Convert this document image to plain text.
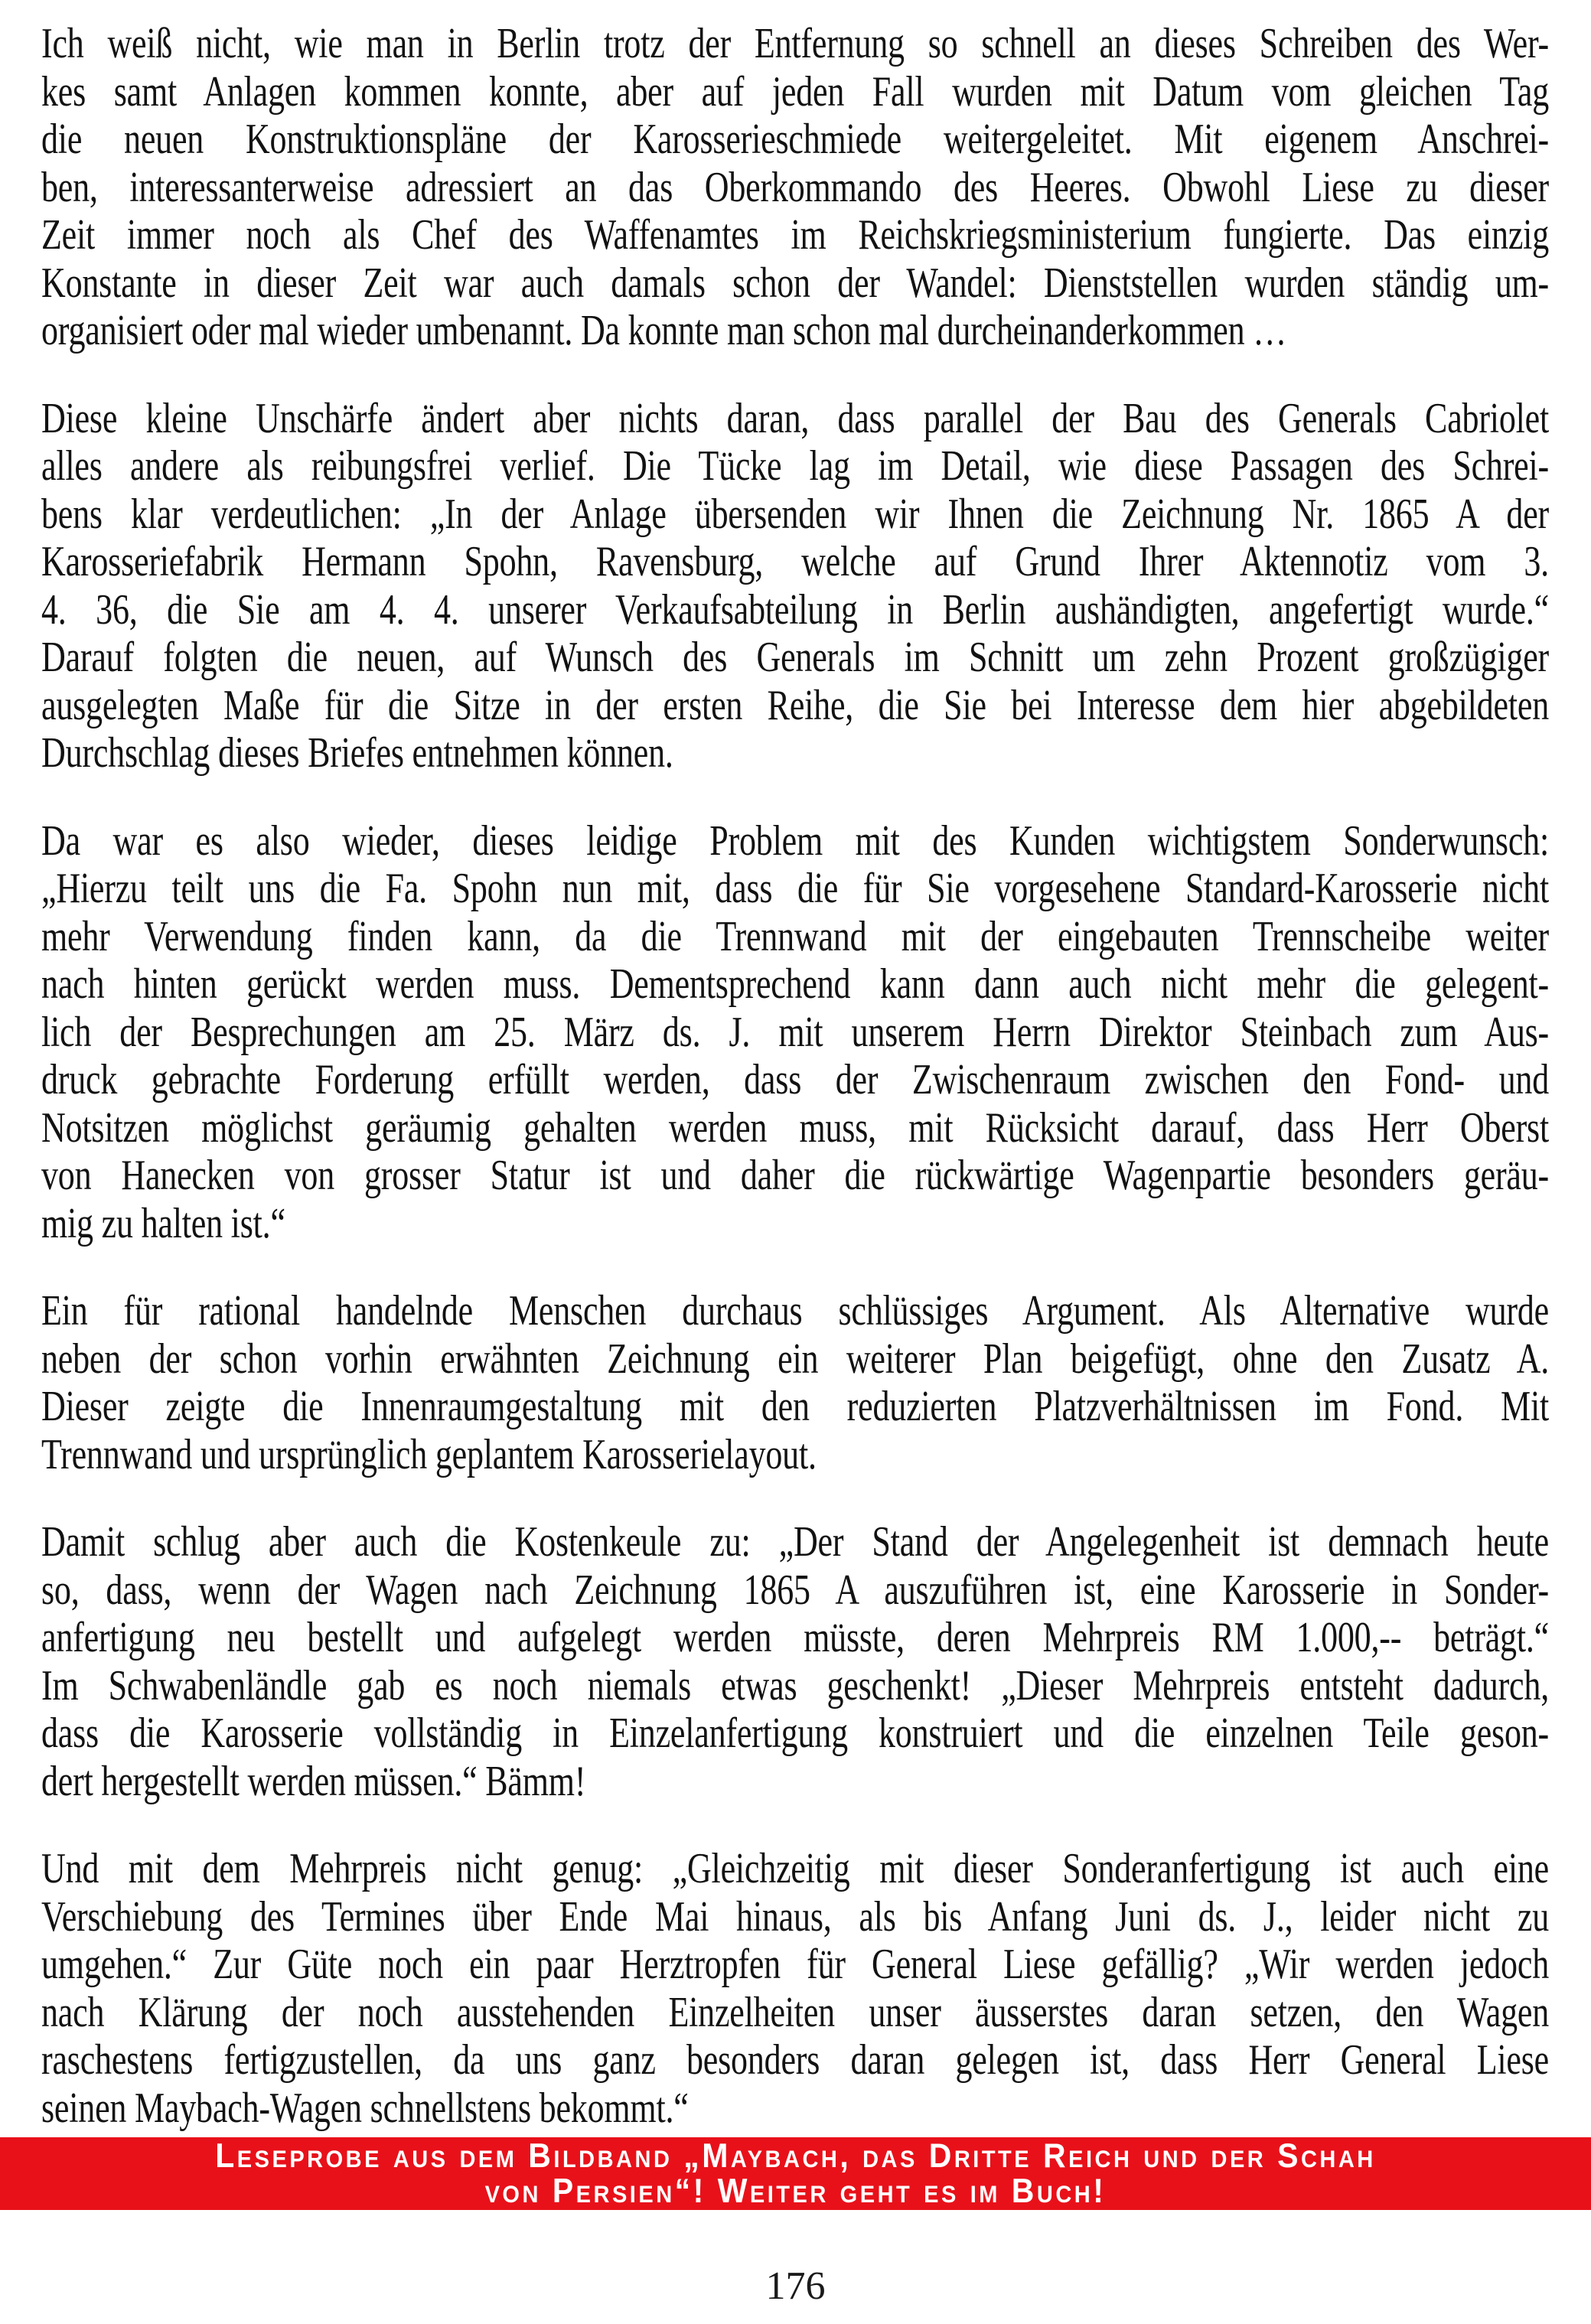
Ich weiß nicht, wie man in Berlin trotz der Entfernung so schnell an dieses Schreiben des Wer-
kes samt Anlagen kommen konnte, aber auf jeden Fall wurden mit Datum vom gleichen Tag
die neuen Konstruktionspläne der Karosserieschmiede weitergeleitet. Mit eigenem Anschrei-
ben, interessanterweise adressiert an das Oberkommando des Heeres. Obwohl Liese zu dieser
Zeit immer noch als Chef des Waffenamtes im Reichskriegsministerium fungierte. Das einzig
Konstante in dieser Zeit war auch damals schon der Wandel: Dienststellen wurden ständig um-
organisiert oder mal wieder umbenannt. Da konnte man schon mal durcheinanderkommen …
Diese kleine Unschärfe ändert aber nichts daran, dass parallel der Bau des Generals Cabriolet
alles andere als reibungsfrei verlief. Die Tücke lag im Detail, wie diese Passagen des Schrei-
bens klar verdeutlichen: „In der Anlage übersenden wir Ihnen die Zeichnung Nr. 1865 A der
Karosseriefabrik Hermann Spohn, Ravensburg, welche auf Grund Ihrer Aktennotiz vom 3.
4. 36, die Sie am 4. 4. unserer Verkaufsabteilung in Berlin aushändigten, angefertigt wurde.“
Darauf folgten die neuen, auf Wunsch des Generals im Schnitt um zehn Prozent großzügiger
ausgelegten Maße für die Sitze in der ersten Reihe, die Sie bei Interesse dem hier abgebildeten
Durchschlag dieses Briefes entnehmen können.
Da war es also wieder, dieses leidige Problem mit des Kunden wichtigstem Sonderwunsch:
„Hierzu teilt uns die Fa. Spohn nun mit, dass die für Sie vorgesehene Standard-Karosserie nicht
mehr Verwendung finden kann, da die Trennwand mit der eingebauten Trennscheibe weiter
nach hinten gerückt werden muss. Dementsprechend kann dann auch nicht mehr die gelegent-
lich der Besprechungen am 25. März ds. J. mit unserem Herrn Direktor Steinbach zum Aus-
druck gebrachte Forderung erfüllt werden, dass der Zwischenraum zwischen den Fond- und
Notsitzen möglichst geräumig gehalten werden muss, mit Rücksicht darauf, dass Herr Oberst
von Hanecken von grosser Statur ist und daher die rückwärtige Wagenpartie besonders geräu-
mig zu halten ist.“
Ein für rational handelnde Menschen durchaus schlüssiges Argument. Als Alternative wurde
neben der schon vorhin erwähnten Zeichnung ein weiterer Plan beigefügt, ohne den Zusatz A.
Dieser zeigte die Innenraumgestaltung mit den reduzierten Platzverhältnissen im Fond. Mit
Trennwand und ursprünglich geplantem Karosserielayout.
Damit schlug aber auch die Kostenkeule zu: „Der Stand der Angelegenheit ist demnach heute
so, dass, wenn der Wagen nach Zeichnung 1865 A auszuführen ist, eine Karosserie in Sonder-
anfertigung neu bestellt und aufgelegt werden müsste, deren Mehrpreis RM 1.000,-- beträgt.“
Im Schwabenländle gab es noch niemals etwas geschenkt! „Dieser Mehrpreis entsteht dadurch,
dass die Karosserie vollständig in Einzelanfertigung konstruiert und die einzelnen Teile geson-
dert hergestellt werden müssen.“ Bämm!
Und mit dem Mehrpreis nicht genug: „Gleichzeitig mit dieser Sonderanfertigung ist auch eine
Verschiebung des Termines über Ende Mai hinaus, als bis Anfang Juni ds. J., leider nicht zu
umgehen.“ Zur Güte noch ein paar Herztropfen für General Liese gefällig? „Wir werden jedoch
nach Klärung der noch ausstehenden Einzelheiten unser äusserstes daran setzen, den Wagen
raschestens fertigzustellen, da uns ganz besonders daran gelegen ist, dass Herr General Liese
seinen Maybach-Wagen schnellstens bekommt.“
Leseprobe aus dem Bildband „Maybach, das Dritte Reich und der Schah
von Persien“! Weiter geht es im Buch!
176
